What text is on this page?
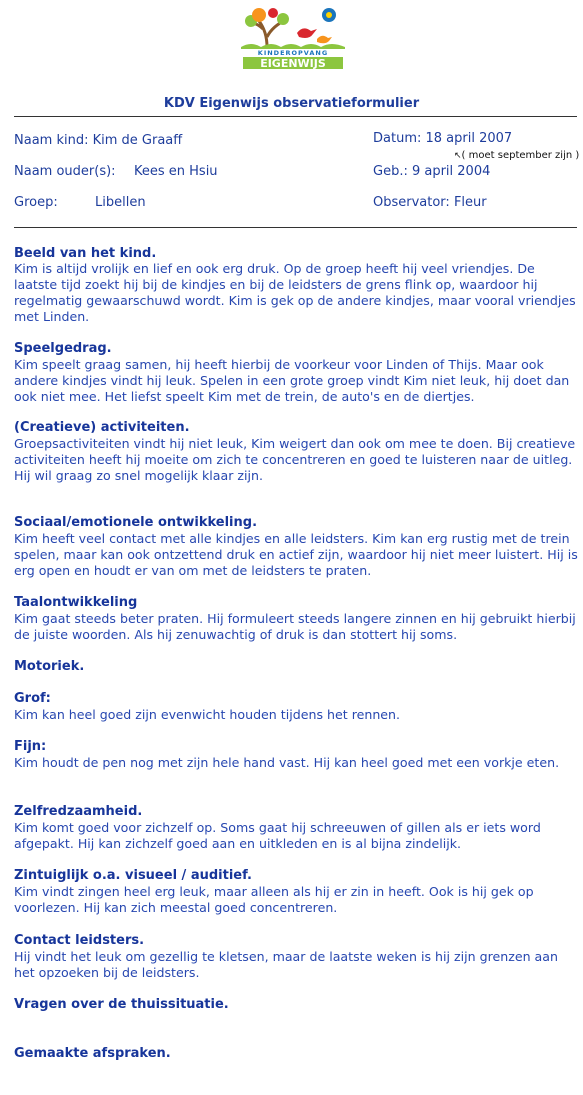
KINDEROPVANG
EIGENWIJS
KDV Eigenwijs observatieformulier
Naam kind: Kim de Graaff	Datum: 18 april 2007
↖( moet september zijn )
Naam ouder(s): Kees en Hsiu	Geb.: 9 april 2004
Groep:	Libellen	Observator: Fleur
Beeld van het kind.
Kim is altijd vrolijk en lief en ook erg druk. Op de groep heeft hij veel vriendjes. De laatste tijd zoekt hij bij de kindjes en bij de leidsters de grens flink op, waardoor hij regelmatig gewaarschuwd wordt. Kim is gek op de andere kindjes, maar vooral vriendjes met Linden.
Speelgedrag.
Kim speelt graag samen, hij heeft hierbij de voorkeur voor Linden of Thijs. Maar ook andere kindjes vindt hij leuk. Spelen in een grote groep vindt Kim niet leuk, hij doet dan ook niet mee. Het liefst speelt Kim met de trein, de auto's en de diertjes.
(Creatieve) activiteiten.
Groepsactiviteiten vindt hij niet leuk, Kim weigert dan ook om mee te doen. Bij creatieve activiteiten heeft hij moeite om zich te concentreren en goed te luisteren naar de uitleg. Hij wil graag zo snel mogelijk klaar zijn.
Sociaal/emotionele ontwikkeling.
Kim heeft veel contact met alle kindjes en alle leidsters. Kim kan erg rustig met de trein spelen, maar kan ook ontzettend druk en actief zijn, waardoor hij niet meer luistert. Hij is erg open en houdt er van om met de leidsters te praten.
Taalontwikkeling
Kim gaat steeds beter praten. Hij formuleert steeds langere zinnen en hij gebruikt hierbij de juiste woorden. Als hij zenuwachtig of druk is dan stottert hij soms.
Motoriek.
Grof:
Kim kan heel goed zijn evenwicht houden tijdens het rennen.
Fijn:
Kim houdt de pen nog met zijn hele hand vast. Hij kan heel goed met een vorkje eten.
Zelfredzaamheid.
Kim komt goed voor zichzelf op. Soms gaat hij schreeuwen of gillen als er iets word afgepakt. Hij kan zichzelf goed aan en uitkleden en is al bijna zindelijk.
Zintuiglijk o.a. visueel / auditief.
Kim vindt zingen heel erg leuk, maar alleen als hij er zin in heeft. Ook is hij gek op voorlezen. Hij kan zich meestal goed concentreren.
Contact leidsters.
Hij vindt het leuk om gezellig te kletsen, maar de laatste weken is hij zijn grenzen aan het opzoeken bij de leidsters.
Vragen over de thuissituatie.
Gemaakte afspraken.
